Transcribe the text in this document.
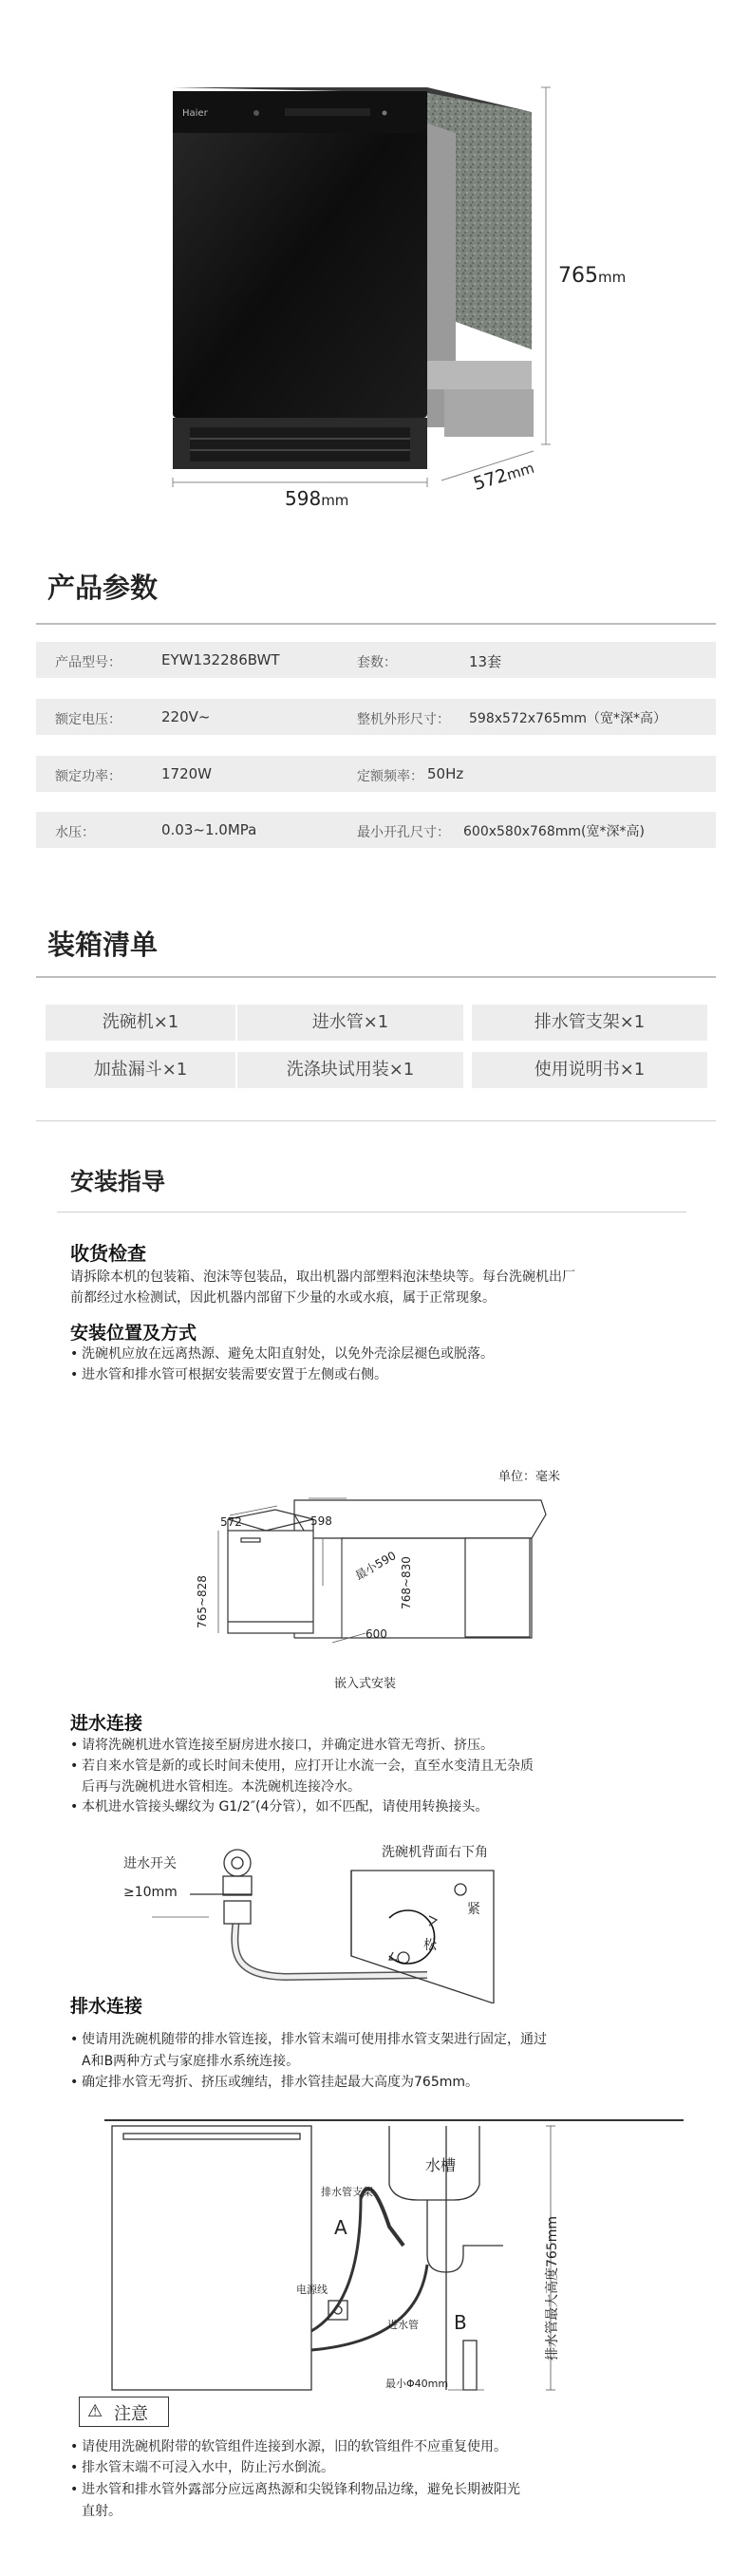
Haier
765mm
598mm
572mm
产品参数
产品型号：	EYW132286BWT	套数：	13套
额定电压：	220V~	整机外形尺寸： 598x572x765mm（宽*深*高）
额定功率：	1720W	定额频率： 50Hz
水压：	0.03~1.0MPa	最小开孔尺寸： 600x580x768mm(宽*深*高)
装箱清单
洗碗机×1	进水管×1	排水管支架×1
加盐漏斗×1	洗涤块试用装×1	使用说明书×1
安装指导
收货检查
请拆除本机的包装箱、泡沫等包装品，取出机器内部塑料泡沫垫块等。每台洗碗机出厂
前都经过水检测试，因此机器内部留下少量的水或水痕，属于正常现象。
安装位置及方式
• 洗碗机应放在远离热源、避免太阳直射处，以免外壳涂层褪色或脱落。
• 进水管和排水管可根据安装需要安置于左侧或右侧。
单位：毫米
572	598
最小590
765~828	768~830
600
嵌入式安装
进水连接
• 请将洗碗机进水管连接至厨房进水接口，并确定进水管无弯折、挤压。
• 若自来水管是新的或长时间未使用，应打开让水流一会，直至水变清且无杂质
后再与洗碗机进水管相连。本洗碗机连接冷水。
• 本机进水管接头螺纹为 G1/2″(4分管），如不匹配，请使用转换接头。
进水开关
≥10mm
洗碗机背面右下角
紧
松
排水连接
• 使请用洗碗机随带的排水管连接，排水管末端可使用排水管支架进行固定，通过
A和B两种方式与家庭排水系统连接。
• 确定排水管无弯折、挤压或缠结，排水管挂起最大高度为765mm。
水槽
排水管支架
A
电源线
进水管 B
最小Φ40mm
排水管最大高度765mm
⚠ 注意
• 请使用洗碗机附带的软管组件连接到水源，旧的软管组件不应重复使用。
• 排水管末端不可浸入水中，防止污水倒流。
• 进水管和排水管外露部分应远离热源和尖锐锋利物品边缘，避免长期被阳光
直射。
